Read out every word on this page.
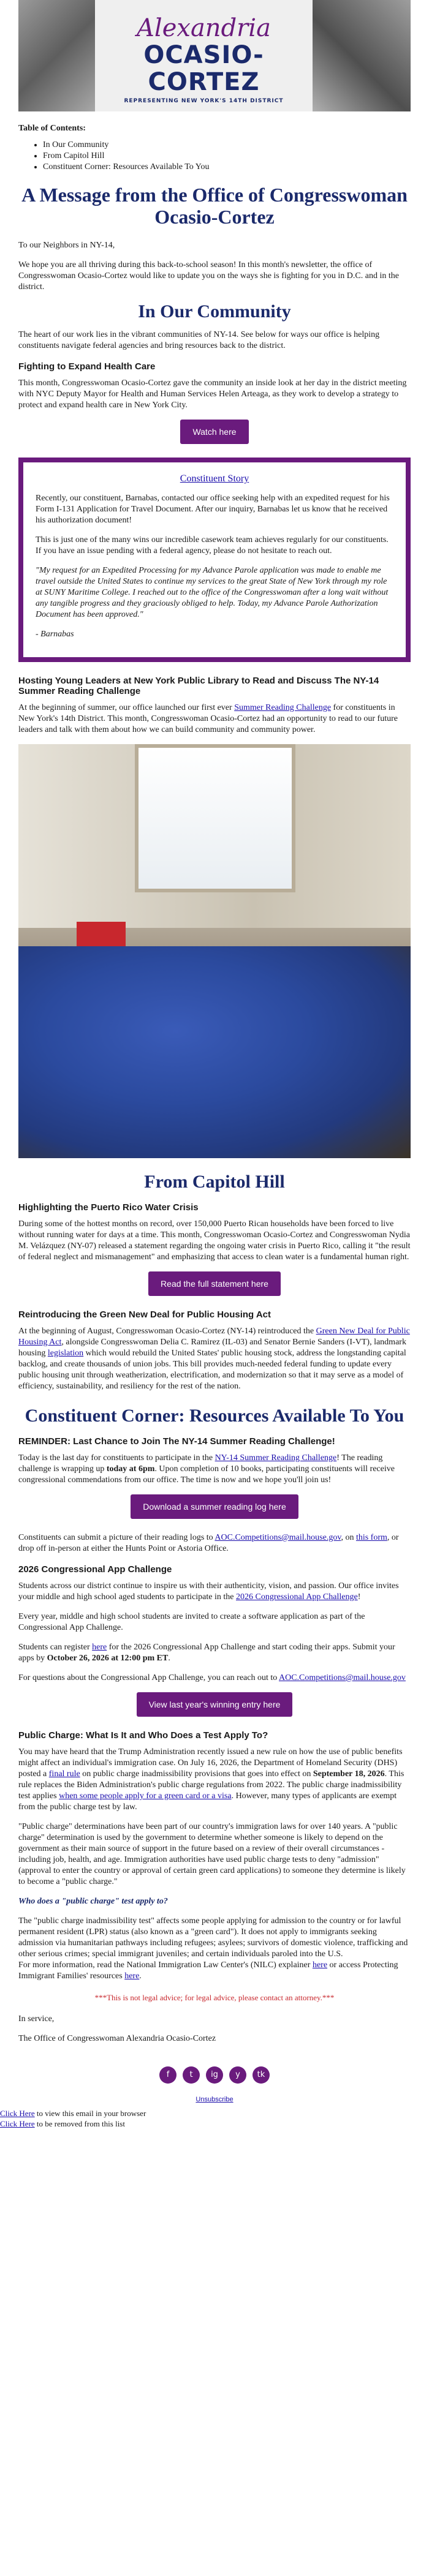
Alexandria
OCASIO-CORTEZ
REPRESENTING NEW YORK'S 14TH DISTRICT
Table of Contents:
• In Our Community
• From Capitol Hill
• Constituent Corner: Resources Available To You
A Message from the Office of Congresswoman Ocasio-Cortez

To our Neighbors in NY-14,

We hope you are all thriving during this back-to-school season! In this month's newsletter, the office of Congresswoman Ocasio-Cortez would like to update you on the ways she is fighting for you in D.C. and in the district.

In Our Community

The heart of our work lies in the vibrant communities of NY-14. See below for ways our office is helping constituents navigate federal agencies and bring resources back to the district.

Fighting to Expand Health Care

This month, Congresswoman Ocasio-Cortez gave the community an inside look at her day in the district meeting with NYC Deputy Mayor for Health and Human Services Helen Arteaga, as they work to develop a strategy to protect and expand health care in New York City.

Watch here
Constituent Story

Recently, our constituent, Barnabas, contacted our office seeking help with an expedited request for his Form I-131 Application for Travel Document. After our inquiry, Barnabas let us know that he received his authorization document!

This is just one of the many wins our incredible casework team achieves regularly for our constituents. If you have an issue pending with a federal agency, please do not hesitate to reach out.

"My request for an Expedited Processing for my Advance Parole application was made to enable me travel outside the United States to continue my services to the great State of New York through my role at SUNY Maritime College. I reached out to the office of the Congresswoman after a long wait without any tangible progress and they graciously obliged to help. Today, my Advance Parole Authorization Document has been approved."

- Barnabas

Hosting Young Leaders at New York Public Library to Read and Discuss The NY-14 Summer Reading Challenge

At the beginning of summer, our office launched our first ever Summer Reading Challenge for constituents in New York's 14th District. This month, Congresswoman Ocasio-Cortez had an opportunity to read to our future leaders and talk with them about how we can build community and community power.

From Capitol Hill
Highlighting the Puerto Rico Water Crisis

During some of the hottest months on record, over 150,000 Puerto Rican households have been forced to live without running water for days at a time. This month, Congresswoman Ocasio-Cortez and Congresswoman Nydia M. Velázquez (NY-07) released a statement regarding the ongoing water crisis in Puerto Rico, calling it "the result of federal neglect and mismanagement" and emphasizing that access to clean water is a fundamental human right.

Read the full statement here
Reintroducing the Green New Deal for Public Housing Act

At the beginning of August, Congresswoman Ocasio-Cortez (NY-14) reintroduced the Green New Deal for Public Housing Act, alongside Congresswoman Delia C. Ramirez (IL-03) and Senator Bernie Sanders (I-VT), landmark housing legislation which would rebuild the United States' public housing stock, address the longstanding capital backlog, and create thousands of union jobs. This bill provides much-needed federal funding to update every public housing unit through weatherization, electrification, and modernization so that it may serve as a model of efficiency, sustainability, and resiliency for the rest of the nation.

Constituent Corner: Resources Available To You
REMINDER: Last Chance to Join The NY-14 Summer Reading Challenge!

Today is the last day for constituents to participate in the NY-14 Summer Reading Challenge! The reading challenge is wrapping up today at 6pm. Upon completion of 10 books, participating constituents will receive congressional commendations from our office. The time is now and we hope you'll join us!

Download a summer reading log here

Constituents can submit a picture of their reading logs to AOC.Competitions@mail.house.gov, on this form, or drop off in-person at either the Hunts Point or Astoria Office.

2026 Congressional App Challenge

Students across our district continue to inspire us with their authenticity, vision, and passion. Our office invites your middle and high school aged students to participate in the 2026 Congressional App Challenge!

Every year, middle and high school students are invited to create a software application as part of the Congressional App Challenge.

Students can register here for the 2026 Congressional App Challenge and start coding their apps. Submit your apps by October 26, 2026 at 12:00 pm ET.

For questions about the Congressional App Challenge, you can reach out to AOC.Competitions@mail.house.gov

View last year's winning entry here
Public Charge: What Is It and Who Does a Test Apply To?

You may have heard that the Trump Administration recently issued a new rule on how the use of public benefits might affect an individual's immigration case. On July 16, 2026, the Department of Homeland Security (DHS) posted a final rule on public charge inadmissibility provisions that goes into effect on September 18, 2026. This rule replaces the Biden Administration's public charge regulations from 2022. The public charge inadmissibility test applies when some people apply for a green card or a visa. However, many types of applicants are exempt from the public charge test by law.

"Public charge" determinations have been part of our country's immigration laws for over 140 years. A "public charge" determination is used by the government to determine whether someone is likely to depend on the government as their main source of support in the future based on a review of their overall circumstances - including job, health, and age. Immigration authorities have used public charge tests to deny "admission" (approval to enter the country or approval of certain green card applications) to someone they determine is likely to become a "public charge."

Who does a "public charge" test apply to?

The "public charge inadmissibility test" affects some people applying for admission to the country or for lawful permanent resident (LPR) status (also known as a "green card"). It does not apply to immigrants seeking admission via humanitarian pathways including refugees; asylees; survivors of domestic violence, trafficking and other serious crimes; special immigrant juveniles; and certain individuals paroled into the U.S.

For more information, read the National Immigration Law Center's (NILC) explainer here or access Protecting Immigrant Families' resources here.

***This is not legal advice; for legal advice, please contact an attorney.***

In service,

The Office of Congresswoman Alexandria Ocasio-Cortez

f	t ig y tk
Unsubscribe
Click Here to view this email in your browser
Click Here to be removed from this list
